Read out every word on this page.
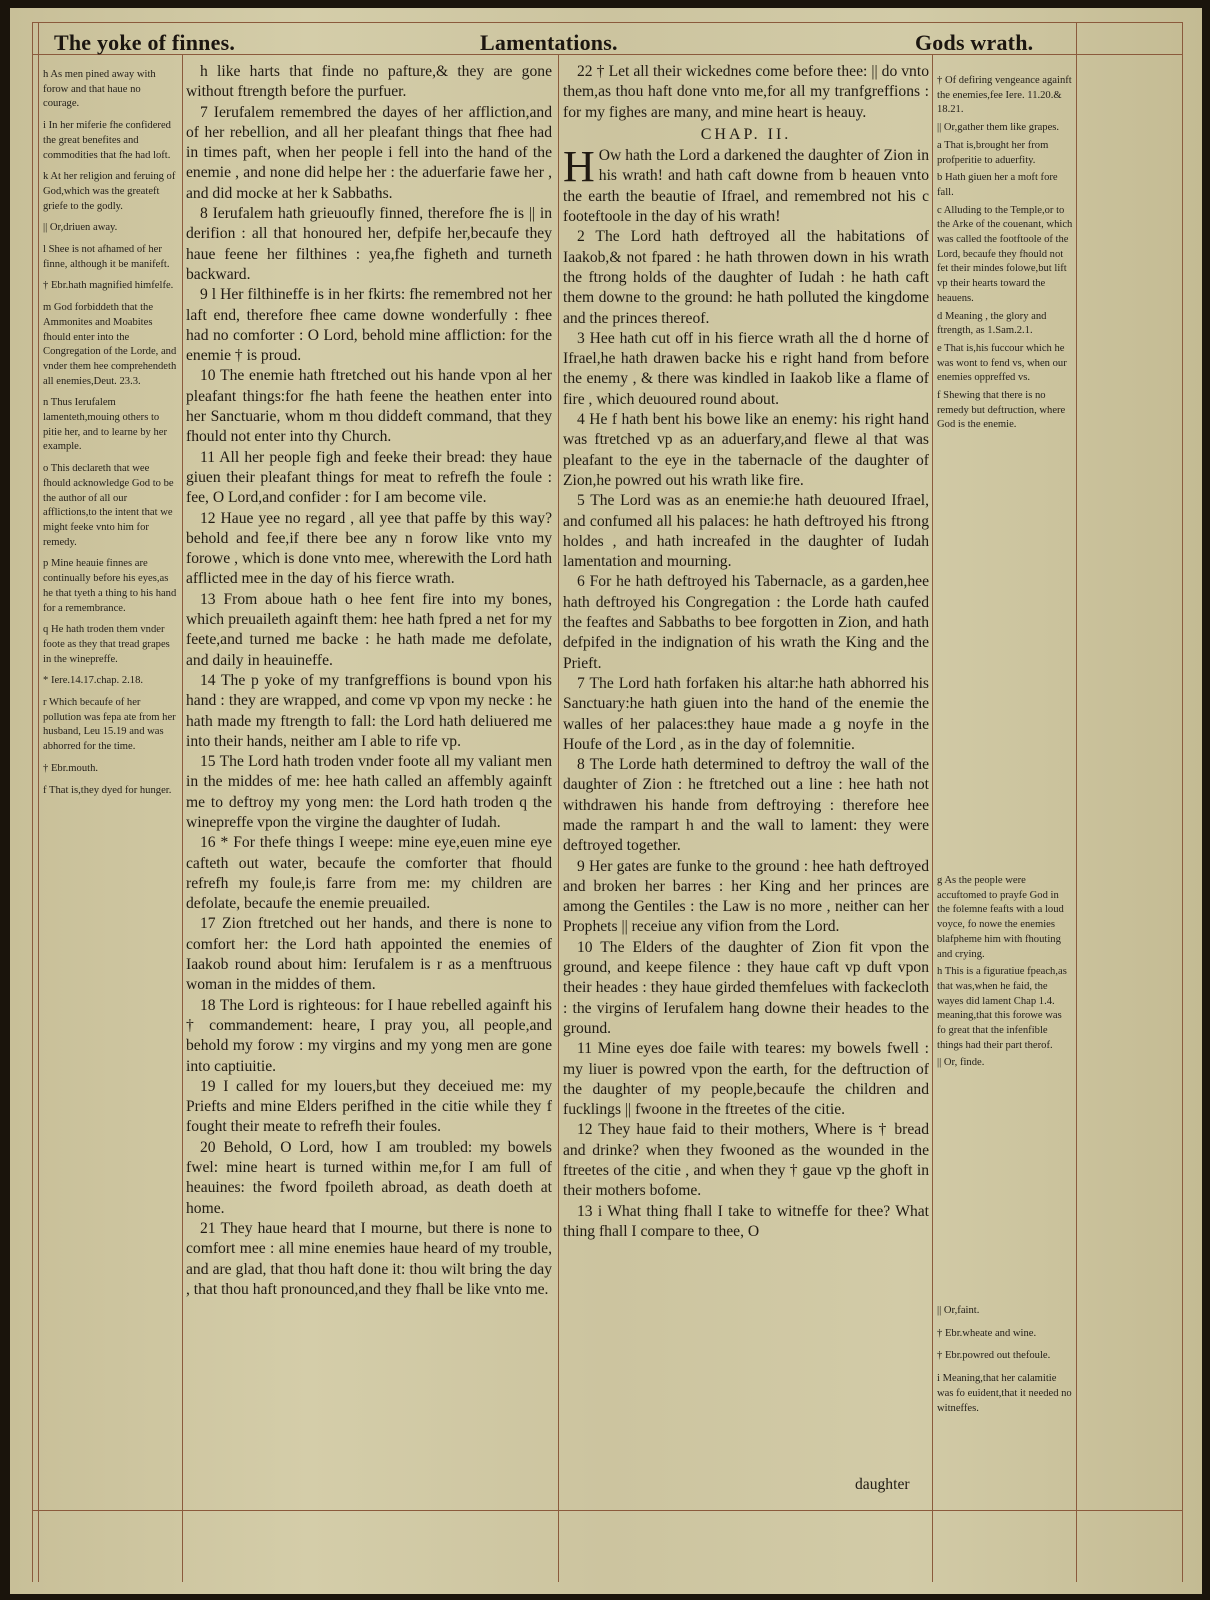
The yoke of finnes.	Lamentations.	Gods wrath.

h As men pined away with forow and that haue no courage.

i In her miferie fhe confidered the great benefites and commodities that fhe had loft.

k At her religion and feruing of God,which was the greateft griefe to the godly.

|| Or,driuen away.

l Shee is not afhamed of her finne, although it be manifeft.

† Ebr.hath magnified himfelfe.

m God forbiddeth that the Ammonites and Moabites fhould enter into the Congregation of the Lorde, and vnder them hee comprehendeth all enemies,Deut. 23.3.

n Thus Ierufalem lamenteth,mouing others to pitie her, and to learne by her example.

o This declareth that wee fhould acknowledge God to be the author of all our afflictions,to the intent that we might feeke vnto him for remedy.

p Mine heauie finnes are continually before his eyes,as he that tyeth a thing to his hand for a remembrance.

q He hath troden them vnder foote as they that tread grapes in the winepreffe.

* Iere.14.17.chap. 2.18.

r Which becaufe of her pollution was fepa ate from her husband, Leu 15.19 and was abhorred for the time.

† Ebr.mouth.

f That is,they dyed for hunger.

h like harts that finde no pafture,& they are gone without ftrength before the purfuer.

7 Ierufalem remembred the dayes of her affliction,and of her rebellion, and all her pleafant things that fhee had in times paft, when her people i fell into the hand of the enemie , and none did helpe her : the aduerfarie fawe her , and did mocke at her k Sabbaths.

8 Ierufalem hath grieuoufly finned, therefore fhe is || in derifion : all that honoured her, defpife her,becaufe they haue feene her filthines : yea,fhe figheth and turneth backward.

9 l Her filthineffe is in her fkirts: fhe remembred not her laft end, therefore fhee came downe wonderfully : fhee had no comforter : O Lord, behold mine affliction: for the enemie † is proud.

10 The enemie hath ftretched out his hande vpon al her pleafant things:for fhe hath feene the heathen enter into her Sanctuarie, whom m thou diddeft command, that they fhould not enter into thy Church.

11 All her people figh and feeke their bread: they haue giuen their pleafant things for meat to refrefh the foule : fee, O Lord,and confider : for I am become vile.

12 Haue yee no regard , all yee that paffe by this way? behold and fee,if there bee any n forow like vnto my forowe , which is done vnto mee, wherewith the Lord hath afflicted mee in the day of his fierce wrath.

13 From aboue hath o hee fent fire into my bones, which preuaileth againft them: hee hath fpred a net for my feete,and turned me backe : he hath made me defolate, and daily in heauineffe.

14 The p yoke of my tranfgreffions is bound vpon his hand : they are wrapped, and come vp vpon my necke : he hath made my ftrength to fall: the Lord hath deliuered me into their hands, neither am I able to rife vp.

15 The Lord hath troden vnder foote all my valiant men in the middes of me: hee hath called an affembly againft me to deftroy my yong men: the Lord hath troden q the winepreffe vpon the virgine the daughter of Iudah.

16 * For thefe things I weepe: mine eye,euen mine eye cafteth out water, becaufe the comforter that fhould refrefh my foule,is farre from me: my children are defolate, becaufe the enemie preuailed.

17 Zion ftretched out her hands, and there is none to comfort her: the Lord hath appointed the enemies of Iaakob round about him: Ierufalem is r as a menftruous woman in the middes of them.

18 The Lord is righteous: for I haue rebelled againft his † commandement: heare, I pray you, all people,and behold my forow : my virgins and my yong men are gone into captiuitie.

19 I called for my louers,but they deceiued me: my Priefts and mine Elders perifhed in the citie while they f fought their meate to refrefh their foules.

20 Behold, O Lord, how I am troubled: my bowels fwel: mine heart is turned within me,for I am full of heauines: the fword fpoileth abroad, as death doeth at home.

21 They haue heard that I mourne, but there is none to comfort mee : all mine enemies haue heard of my trouble, and are glad, that thou haft done it: thou wilt bring the day , that thou haft pronounced,and they fhall be like vnto me.

22 † Let all their wickednes come before thee: || do vnto them,as thou haft done vnto me,for all my tranfgreffions : for my fighes are many, and mine heart is heauy.

CHAP. II.

H Ow hath the Lord a darkened the daughter of Zion in his wrath! and hath caft downe from b heauen vnto the earth the beautie of Ifrael, and remembred not his c footeftoole in the day of his wrath!

2 The Lord hath deftroyed all the habitations of Iaakob,& not fpared : he hath throwen down in his wrath the ftrong holds of the daughter of Iudah : he hath caft them downe to the ground: he hath polluted the kingdome and the princes thereof.

3 Hee hath cut off in his fierce wrath all the d horne of Ifrael,he hath drawen backe his e right hand from before the enemy , & there was kindled in Iaakob like a flame of fire , which deuoured round about.

4 He f hath bent his bowe like an enemy: his right hand was ftretched vp as an aduerfary,and flewe al that was pleafant to the eye in the tabernacle of the daughter of Zion,he powred out his wrath like fire.

5 The Lord was as an enemie:he hath deuoured Ifrael, and confumed all his palaces: he hath deftroyed his ftrong holdes , and hath increafed in the daughter of Iudah lamentation and mourning.

6 For he hath deftroyed his Tabernacle, as a garden,hee hath deftroyed his Congregation : the Lorde hath caufed the feaftes and Sabbaths to bee forgotten in Zion, and hath defpifed in the indignation of his wrath the King and the Prieft.

7 The Lord hath forfaken his altar:he hath abhorred his Sanctuary:he hath giuen into the hand of the enemie the walles of her palaces:they haue made a g noyfe in the Houfe of the Lord , as in the day of folemnitie.

8 The Lorde hath determined to deftroy the wall of the daughter of Zion : he ftretched out a line : hee hath not withdrawen his hande from deftroying : therefore hee made the rampart h and the wall to lament: they were deftroyed together.

9 Her gates are funke to the ground : hee hath deftroyed and broken her barres : her King and her princes are among the Gentiles : the Law is no more , neither can her Prophets || receiue any vifion from the Lord.

10 The Elders of the daughter of Zion fit vpon the ground, and keepe filence : they haue caft vp duft vpon their heades : they haue girded themfelues with fackecloth : the virgins of Ierufalem hang downe their heades to the ground.

11 Mine eyes doe faile with teares: my bowels fwell : my liuer is powred vpon the earth, for the deftruction of the daughter of my people,becaufe the children and fucklings || fwoone in the ftreetes of the citie.

12 They haue faid to their mothers, Where is † bread and drinke? when they fwooned as the wounded in the ftreetes of the citie , and when they † gaue vp the ghoft in their mothers bofome.

13 i What thing fhall I take to witneffe for thee? What thing fhall I compare to thee, O

daughter

† Of defiring vengeance againft the enemies,fee Iere. 11.20.& 18.21.

|| Or,gather them like grapes.

a That is,brought her from profperitie to aduerfity.

b Hath giuen her a moft fore fall.

c Alluding to the Temple,or to the Arke of the couenant, which was called the footftoole of the Lord, becaufe they fhould not fet their mindes folowe,but lift vp their hearts toward the heauens.

d Meaning , the glory and ftrength, as 1.Sam.2.1.

e That is,his fuccour which he was wont to fend vs, when our enemies oppreffed vs.

f Shewing that there is no remedy but deftruction, where God is the enemie.

g As the people were accuftomed to prayfe God in the folemne feafts with a loud voyce, fo nowe the enemies blafpheme him with fhouting and crying.

h This is a figuratiue fpeach,as that was,when he faid, the wayes did lament Chap 1.4. meaning,that this forowe was fo great that the infenfible things had their part therof.

|| Or, finde.

|| Or,faint.

† Ebr.wheate and wine.

† Ebr.powred out thefoule.

i Meaning,that her calamitie was fo euident,that it needed no witneffes.
